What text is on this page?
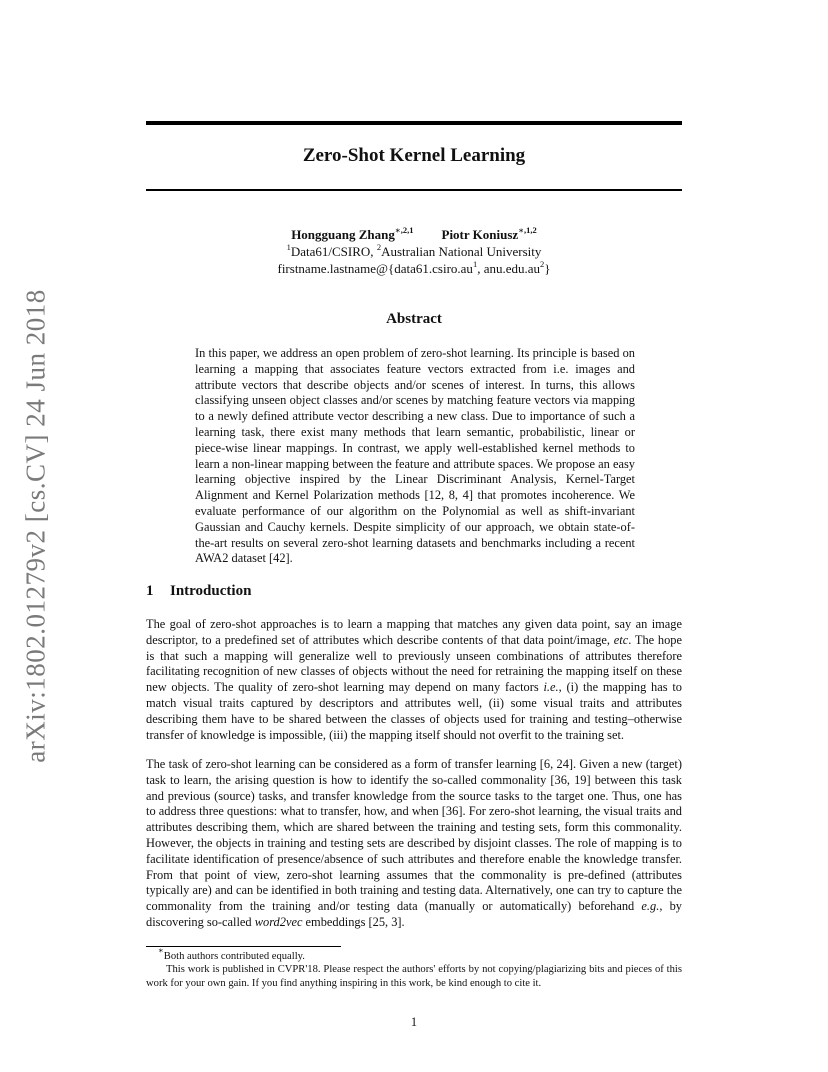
arXiv:1802.01279v2 [cs.CV] 24 Jun 2018
Zero-Shot Kernel Learning
Hongguang Zhang$^{∗,2,1}$ Piotr Koniusz$^{∗,1,2}$
$^1$Data61/CSIRO, $^2$Australian National University
$firstname.lastname@\{data61.csiro.au^1$, $anu.edu.au^2$}
Abstract

In this paper, we address an open problem of zero-shot learning. Its principle is based on learning a mapping that associates feature vectors extracted from i.e. images and attribute vectors that describe objects and/or scenes of interest. In turns, this allows classifying unseen object classes and/or scenes by matching feature vectors via mapping to a newly defined attribute vector describing a new class. Due to importance of such a learning task, there exist many methods that learn semantic, probabilistic, linear or piece-wise linear mappings. In contrast, we apply well-established kernel methods to learn a non-linear mapping between the feature and attribute spaces. We propose an easy learning objective inspired by the Linear Discriminant Analysis, Kernel-Target Alignment and Kernel Polarization methods [12, 8, 4] that promotes incoherence. We evaluate performance of our algorithm on the Polynomial as well as shift-invariant Gaussian and Cauchy kernels. Despite simplicity of our approach, we obtain state-of-the-art results on several zero-shot learning datasets and benchmarks including a recent AWA2 dataset [42].

1 Introduction

The goal of zero-shot approaches is to learn a mapping that matches any given data point, say an image descriptor, to a predefined set of attributes which describe contents of that data point/image, etc. The hope is that such a mapping will generalize well to previously unseen combinations of attributes therefore facilitating recognition of new classes of objects without the need for retraining the mapping itself on these new objects. The quality of zero-shot learning may depend on many factors i.e., (i) the mapping has to match visual traits captured by descriptors and attributes well, (ii) some visual traits and attributes describing them have to be shared between the classes of objects used for training and testing–otherwise transfer of knowledge is impossible, (iii) the mapping itself should not overfit to the training set.

The task of zero-shot learning can be considered as a form of transfer learning [6, 24]. Given a new (target) task to learn, the arising question is how to identify the so-called commonality [36, 19] between this task and previous (source) tasks, and transfer knowledge from the source tasks to the target one. Thus, one has to address three questions: what to transfer, how, and when [36]. For zero-shot learning, the visual traits and attributes describing them, which are shared between the training and testing sets, form this commonality. However, the objects in training and testing sets are described by disjoint classes. The role of mapping is to facilitate identification of presence/absence of such attributes and therefore enable the knowledge transfer. From that point of view, zero-shot learning assumes that the commonality is pre-defined (attributes typically are) and can be identified in both training and testing data. Alternatively, one can try to capture the commonality from the training and/or testing data (manually or automatically) beforehand e.g., by discovering so-called word2vec embeddings [25, 3].

∗Both authors contributed equally.

This work is published in CVPR'18. Please respect the authors' efforts by not copying/plagiarizing bits and pieces of this work for your own gain. If you find anything inspiring in this work, be kind enough to cite it.

1
